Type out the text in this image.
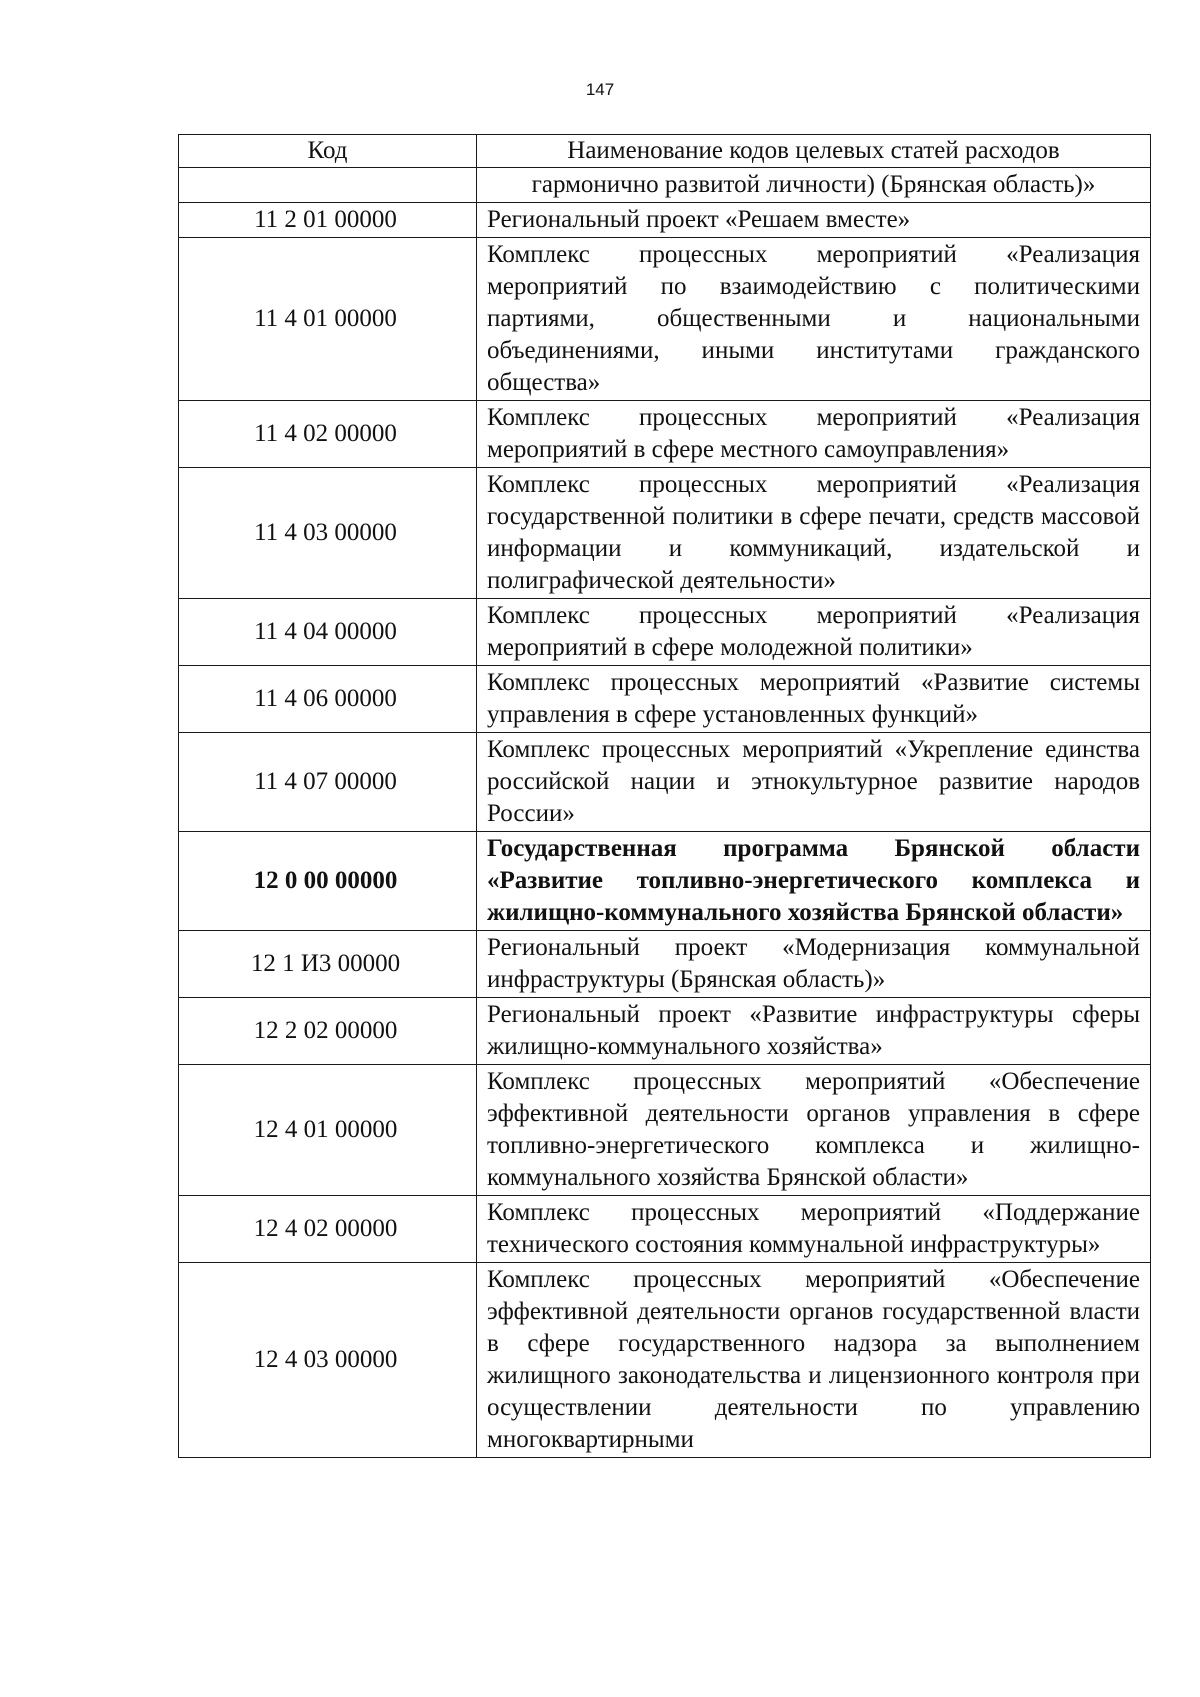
147
Код	Наименование кодов целевых статей расходов
	гармонично развитой личности) (Брянская область)»
11 2 01 00000	Региональный проект «Решаем вместе»
11 4 01 00000	Комплекс процессных мероприятий «Реализация мероприятий по взаимодействию с политическими партиями, общественными и национальными объединениями, иными институтами гражданского общества»
11 4 02 00000	Комплекс процессных мероприятий «Реализация мероприятий в сфере местного самоуправления»
11 4 03 00000	Комплекс процессных мероприятий «Реализация государственной политики в сфере печати, средств массовой информации и коммуникаций, издательской и полиграфической деятельности»
11 4 04 00000	Комплекс процессных мероприятий «Реализация мероприятий в сфере молодежной политики»
11 4 06 00000	Комплекс процессных мероприятий «Развитие системы управления в сфере установленных функций»
11 4 07 00000	Комплекс процессных мероприятий «Укрепление единства российской нации и этнокультурное развитие народов России»
12 0 00 00000	Государственная программа Брянской области «Развитие топливно-энергетического комплекса и жилищно-коммунального хозяйства Брянской области»
12 1 И3 00000	Региональный проект «Модернизация коммунальной инфраструктуры (Брянская область)»
12 2 02 00000	Региональный проект «Развитие инфраструктуры сферы жилищно-коммунального хозяйства»
12 4 01 00000	Комплекс процессных мероприятий «Обеспечение эффективной деятельности органов управления в сфере топливно-энергетического комплекса и жилищно-коммунального хозяйства Брянской области»
12 4 02 00000	Комплекс процессных мероприятий «Поддержание технического состояния коммунальной инфраструктуры»
12 4 03 00000	Комплекс процессных мероприятий «Обеспечение эффективной деятельности органов государственной власти в сфере государственного надзора за выполнением жилищного законодательства и лицензионного контроля при осуществлении деятельности по управлению многоквартирными
